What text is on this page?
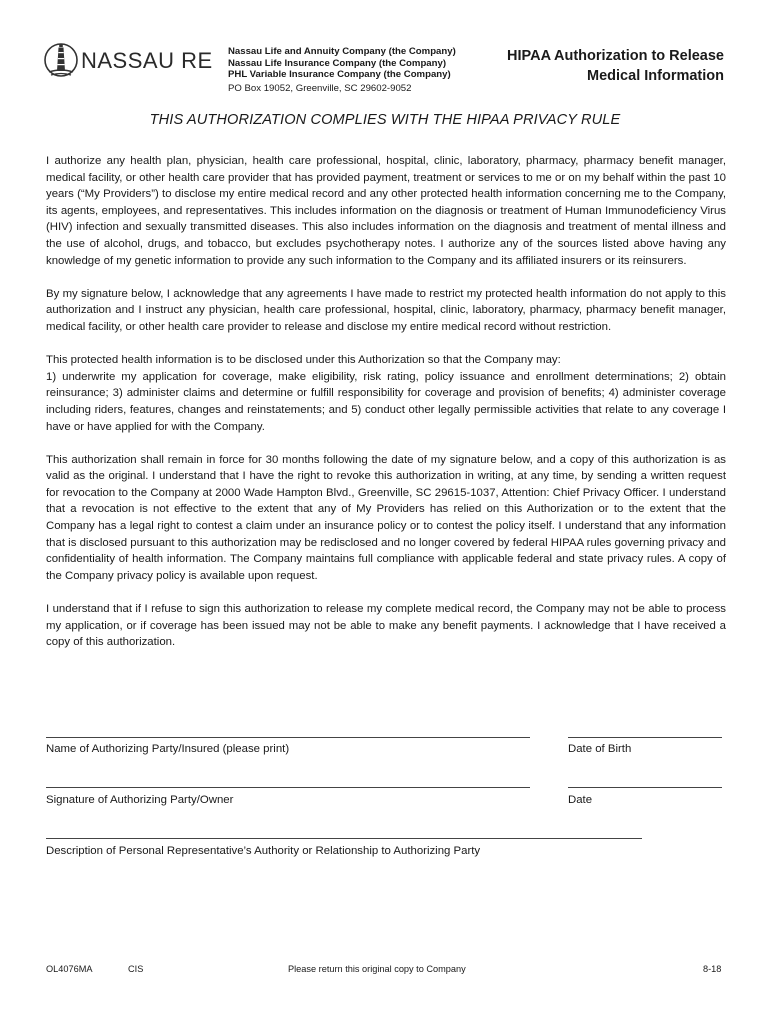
NASSAU RE Nassau Life and Annuity Company (the Company)
Nassau Life Insurance Company (the Company)
PHL Variable Insurance Company (the Company)
PO Box 19052, Greenville, SC 29602-9052
HIPAA Authorization to Release
Medical Information
THIS AUTHORIZATION COMPLIES WITH THE HIPAA PRIVACY RULE

I authorize any health plan, physician, health care professional, hospital, clinic, laboratory, pharmacy, pharmacy benefit manager, medical facility, or other health care provider that has provided payment, treatment or services to me or on my behalf within the past 10 years (“My Providers”) to disclose my entire medical record and any other protected health information concerning me to the Company, its agents, employees, and representatives. This includes information on the diagnosis or treatment of Human Immunodeficiency Virus (HIV) infection and sexually transmitted diseases. This also includes information on the diagnosis and treatment of mental illness and the use of alcohol, drugs, and tobacco, but excludes psychotherapy notes. I authorize any of the sources listed above having any knowledge of my genetic information to provide any such information to the Company and its affiliated insurers or its reinsurers.

By my signature below, I acknowledge that any agreements I have made to restrict my protected health information do not apply to this authorization and I instruct any physician, health care professional, hospital, clinic, laboratory, pharmacy, pharmacy benefit manager, medical facility, or other health care provider to release and disclose my entire medical record without restriction.

This protected health information is to be disclosed under this Authorization so that the Company may:
1) underwrite my application for coverage, make eligibility, risk rating, policy issuance and enrollment determinations; 2) obtain reinsurance; 3) administer claims and determine or fulfill responsibility for coverage and provision of benefits; 4) administer coverage including riders, features, changes and reinstatements; and 5) conduct other legally permissible activities that relate to any coverage I have or have applied for with the Company.

This authorization shall remain in force for 30 months following the date of my signature below, and a copy of this authorization is as valid as the original. I understand that I have the right to revoke this authorization in writing, at any time, by sending a written request for revocation to the Company at 2000 Wade Hampton Blvd., Greenville, SC 29615-1037, Attention: Chief Privacy Officer. I understand that a revocation is not effective to the extent that any of My Providers has relied on this Authorization or to the extent that the Company has a legal right to contest a claim under an insurance policy or to contest the policy itself. I understand that any information that is disclosed pursuant to this authorization may be redisclosed and no longer covered by federal HIPAA rules governing privacy and confidentiality of health information. The Company maintains full compliance with applicable federal and state privacy rules. A copy of the Company privacy policy is available upon request.

I understand that if I refuse to sign this authorization to release my complete medical record, the Company may not be able to process my application, or if coverage has been issued may not be able to make any benefit payments. I acknowledge that I have received a copy of this authorization.

Name of Authorizing Party/Insured (please print)	Date of Birth
Signature of Authorizing Party/Owner	Date
Description of Personal Representative’s Authority or Relationship to Authorizing Party
OL4076MA	CIS	Please return this original copy to Company	8-18
